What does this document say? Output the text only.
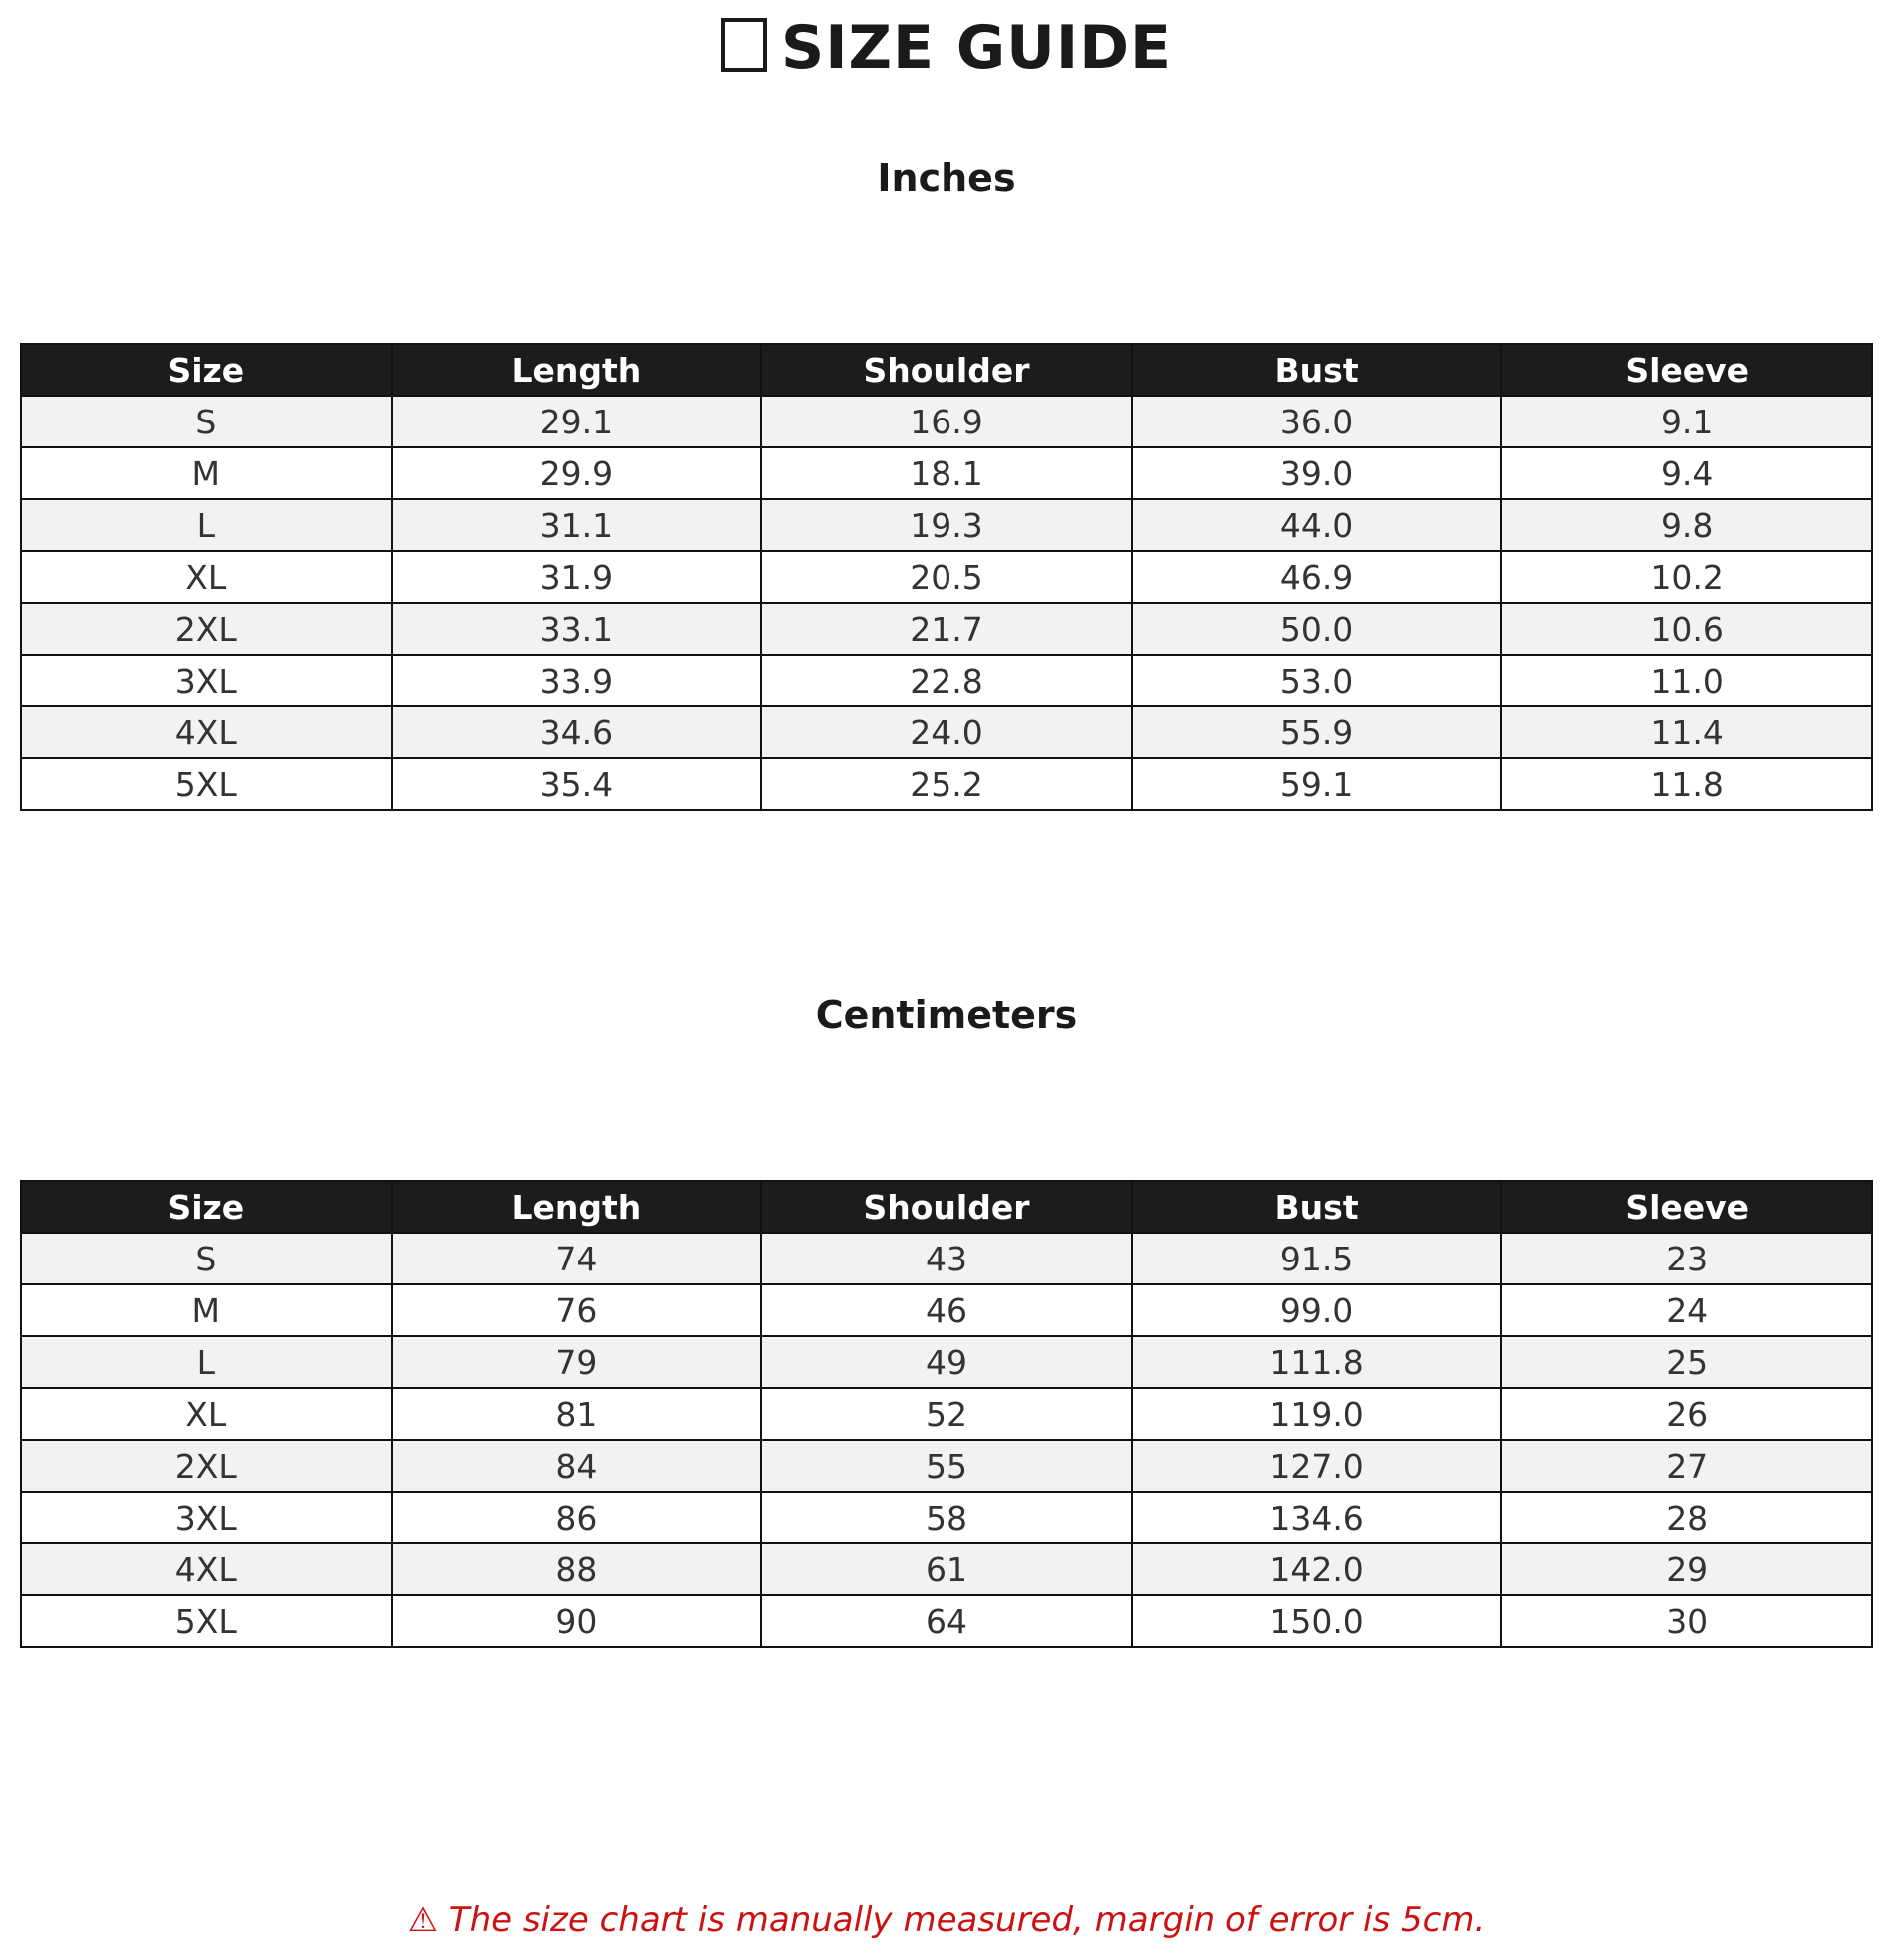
SIZE GUIDE
Inches
Size	Length	Shoulder	Bust	Sleeve
S	29.1	16.9	36.0	9.1
M	29.9	18.1	39.0	9.4
L	31.1	19.3	44.0	9.8
XL	31.9	20.5	46.9	10.2
2XL	33.1	21.7	50.0	10.6
3XL	33.9	22.8	53.0	11.0
4XL	34.6	24.0	55.9	11.4
5XL	35.4	25.2	59.1	11.8
Centimeters
Size	Length	Shoulder	Bust	Sleeve
S	74	43	91.5	23
M	76	46	99.0	24
L	79	49	111.8	25
XL	81	52	119.0	26
2XL	84	55	127.0	27
3XL	86	58	134.6	28
4XL	88	61	142.0	29
5XL	90	64	150.0	30
⚠ The size chart is manually measured, margin of error is 5cm.
